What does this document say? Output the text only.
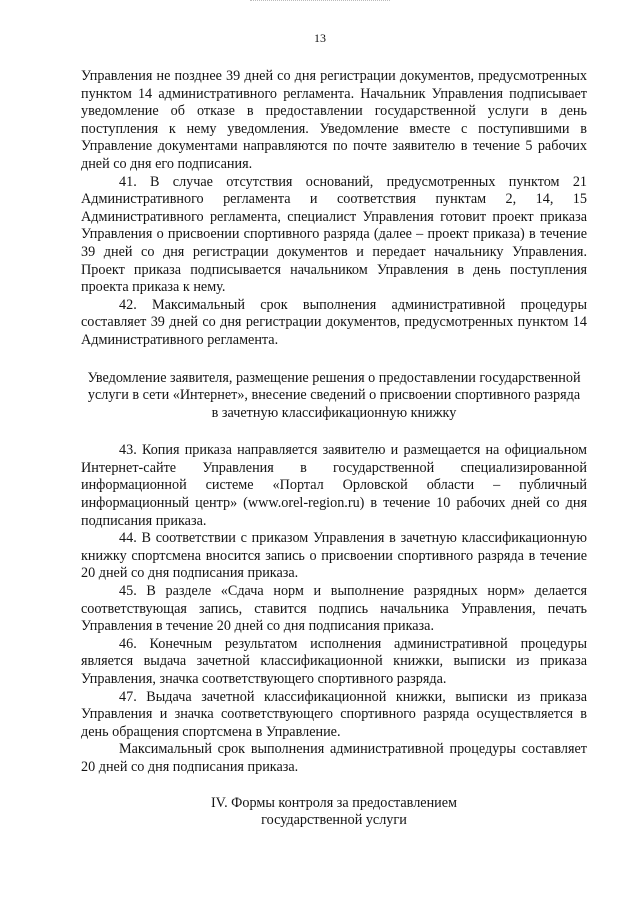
13

Управления не позднее 39 дней со дня регистрации документов, предусмотренных пунктом 14 административного регламента. Начальник Управления подписывает уведомление об отказе в предоставлении государственной услуги в день поступления к нему уведомления. Уведомление вместе с поступившими в Управление документами направляются по почте заявителю в течение 5 рабочих дней со дня его подписания.

41. В случае отсутствия оснований, предусмотренных пунктом 21 Административного регламента и соответствия пунктам 2, 14, 15 Административного регламента, специалист Управления готовит проект приказа Управления о присвоении спортивного разряда (далее – проект приказа) в течение 39 дней со дня регистрации документов и передает начальнику Управления. Проект приказа подписывается начальником Управления в день поступления проекта приказа к нему.

42. Максимальный срок выполнения административной процедуры составляет 39 дней со дня регистрации документов, предусмотренных пунктом 14 Административного регламента.

Уведомление заявителя, размещение решения о предоставлении государственной услуги в сети «Интернет», внесение сведений о присвоении спортивного разряда в зачетную классификационную книжку

43. Копия приказа направляется заявителю и размещается на официальном Интернет-сайте Управления в государственной специализированной информационной системе «Портал Орловской области – публичный информационный центр» (www.orel-region.ru) в течение 10 рабочих дней со дня подписания приказа.

44. В соответствии с приказом Управления в зачетную классификационную книжку спортсмена вносится запись о присвоении спортивного разряда в течение 20 дней со дня подписания приказа.

45. В разделе «Сдача норм и выполнение разрядных норм» делается соответствующая запись, ставится подпись начальника Управления, печать Управления в течение 20 дней со дня подписания приказа.

46. Конечным результатом исполнения административной процедуры является выдача зачетной классификационной книжки, выписки из приказа Управления, значка соответствующего спортивного разряда.

47. Выдача зачетной классификационной книжки, выписки из приказа Управления и значка соответствующего спортивного разряда осуществляется в день обращения спортсмена в Управление.

Максимальный срок выполнения административной процедуры составляет 20 дней со дня подписания приказа.

IV. Формы контроля за предоставлением

государственной услуги
